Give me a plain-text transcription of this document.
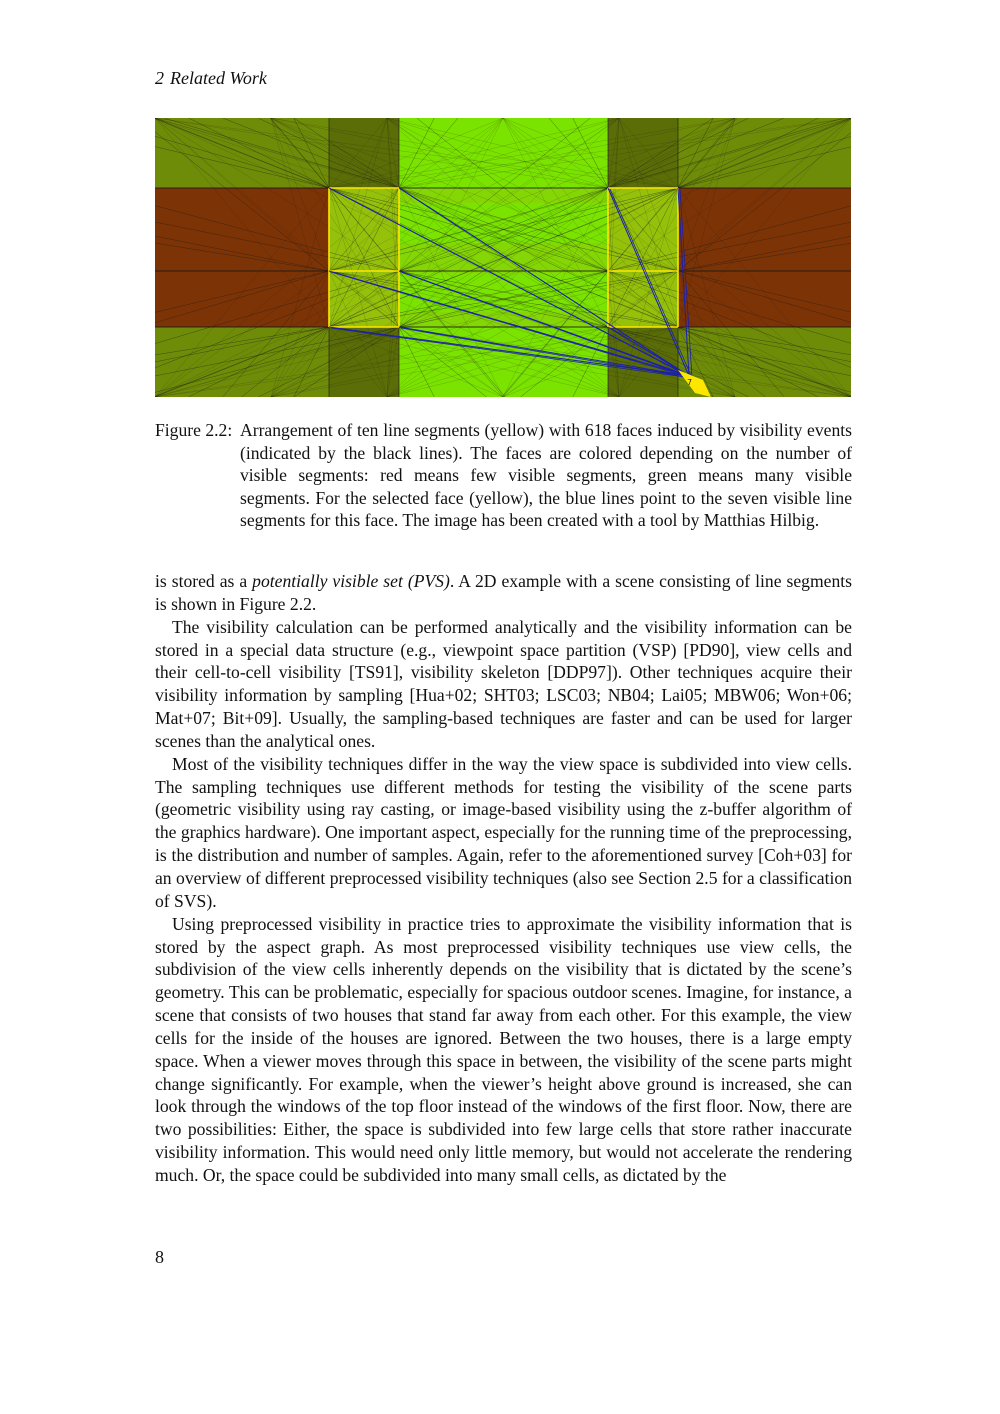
2 Related Work
7
Figure 2.2: Arrangement of ten line segments (yellow) with 618 faces induced by visibility events (indicated by the black lines). The faces are colored depending on the number of visible segments: red means few visible segments, green means many visible segments. For the selected face (yellow), the blue lines point to the seven visible line segments for this face. The image has been created with a tool by Matthias Hilbig.

is stored as a potentially visible set (PVS). A 2D example with a scene consisting of line segments is shown in Figure 2.2.

The visibility calculation can be performed analytically and the visibility information can be stored in a special data structure (e.g., viewpoint space partition (VSP) [PD90], view cells and their cell-to-cell visibility [TS91], visibility skeleton [DDP97]). Other techniques acquire their visibility information by sampling [Hua+02; SHT03; LSC03; NB04; Lai05; MBW06; Won+06; Mat+07; Bit+09]. Usually, the sampling-based techniques are faster and can be used for larger scenes than the analytical ones.

Most of the visibility techniques differ in the way the view space is subdivided into view cells. The sampling techniques use different methods for testing the visibility of the scene parts (geometric visibility using ray casting, or image-based visibility using the z-buffer algorithm of the graphics hardware). One important aspect, especially for the running time of the preprocessing, is the distribution and number of samples. Again, refer to the aforementioned survey [Coh+03] for an overview of different preprocessed visibility techniques (also see Section 2.5 for a classification of SVS).

Using preprocessed visibility in practice tries to approximate the visibility information that is stored by the aspect graph. As most preprocessed visibility techniques use view cells, the subdivision of the view cells inherently depends on the visibility that is dictated by the scene’s geometry. This can be problematic, especially for spacious outdoor scenes. Imagine, for instance, a scene that consists of two houses that stand far away from each other. For this example, the view cells for the inside of the houses are ignored. Between the two houses, there is a large empty space. When a viewer moves through this space in between, the visibility of the scene parts might change significantly. For example, when the viewer’s height above ground is increased, she can look through the windows of the top floor instead of the windows of the first floor. Now, there are two possibilities: Either, the space is subdivided into few large cells that store rather inaccurate visibility information. This would need only little memory, but would not accelerate the rendering much. Or, the space could be subdivided into many small cells, as dictated by the

8
